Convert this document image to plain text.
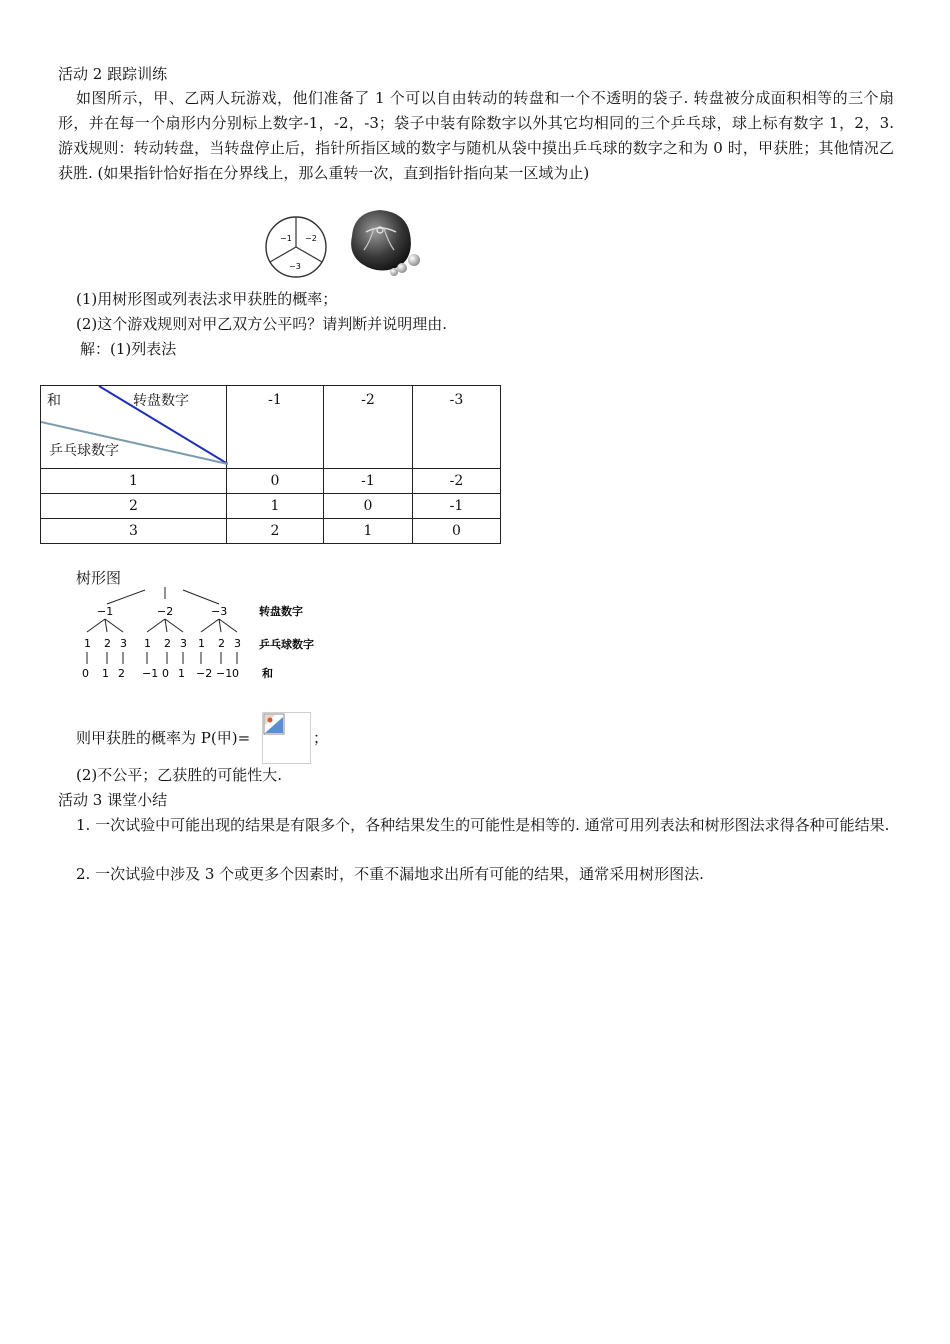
活动 2 跟踪训练
如图所示，甲、乙两人玩游戏，他们准备了 1 个可以自由转动的转盘和一个不透明的袋子. 转盘被分成面积相等的三个扇形，并在每一个扇形内分别标上数字-1，-2，-3；袋子中装有除数字以外其它均相同的三个乒乓球，球上标有数字 1，2，3. 游戏规则：转动转盘，当转盘停止后，指针所指区域的数字与随机从袋中摸出乒乓球的数字之和为 0 时，甲获胜；其他情况乙获胜. (如果指针恰好指在分界线上，那么重转一次，直到指针指向某一区域为止)
−1 −2
−3
(1)用树形图或列表法求甲获胜的概率；
(2)这个游戏规则对甲乙双方公平吗？请判断并说明理由.
解：(1)列表法
和 转盘数字
乒乓球数字	-1	-2	-3
1	0	-1	-2
2	1	0	-1
3	2	1	0
树形图
−1
1
0
2
1
3
2
−2
1
−1
2
0
3
1
−3
1
−2
2
−1
3
0
转盘数字
乒乓球数字
和
则甲获胜的概率为 P(甲)=	；
(2)不公平；乙获胜的可能性大.
活动 3 课堂小结
1. 一次试验中可能出现的结果是有限多个，各种结果发生的可能性是相等的. 通常可用列表法和树形图法求得各种可能结果.
2. 一次试验中涉及 3 个或更多个因素时，不重不漏地求出所有可能的结果，通常采用树形图法.
